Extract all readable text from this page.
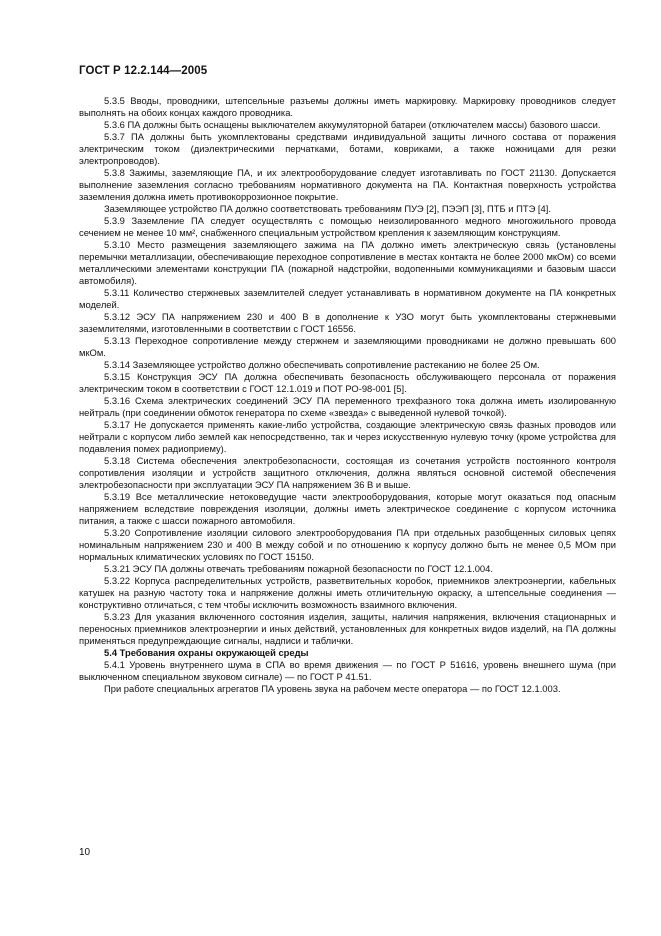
ГОСТ Р 12.2.144—2005

5.3.5 Вводы, проводники, штепсельные разъемы должны иметь маркировку. Маркировку проводников следует выполнять на обоих концах каждого проводника.

5.3.6 ПА должны быть оснащены выключателем аккумуляторной батареи (отключателем массы) базового шасси.

5.3.7 ПА должны быть укомплектованы средствами индивидуальной защиты личного состава от поражения электрическим током (диэлектрическими перчатками, ботами, ковриками, а также ножницами для резки электропроводов).

5.3.8 Зажимы, заземляющие ПА, и их электрооборудование следует изготавливать по ГОСТ 21130. Допускается выполнение заземления согласно требованиям нормативного документа на ПА. Контактная поверхность устройства заземления должна иметь противокоррозионное покрытие.

Заземляющее устройство ПА должно соответствовать требованиям ПУЭ [2], ПЭЭП [3], ПТБ и ПТЭ [4].

5.3.9 Заземление ПА следует осуществлять с помощью неизолированного медного многожильного провода сечением не менее 10 мм², снабженного специальным устройством крепления к заземляющим конструкциям.

5.3.10 Место размещения заземляющего зажима на ПА должно иметь электрическую связь (установлены перемычки металлизации, обеспечивающие переходное сопротивление в местах контакта не более 2000 мкОм) со всеми металлическими элементами конструкции ПА (пожарной надстройки, водопенными коммуникациями и базовым шасси автомобиля).

5.3.11 Количество стержневых заземлителей следует устанавливать в нормативном документе на ПА конкретных моделей.

5.3.12 ЭСУ ПА напряжением 230 и 400 В в дополнение к УЗО могут быть укомплектованы стержневыми заземлителями, изготовленными в соответствии с ГОСТ 16556.

5.3.13 Переходное сопротивление между стержнем и заземляющими проводниками не должно превышать 600 мкОм.

5.3.14 Заземляющее устройство должно обеспечивать сопротивление растеканию не более 25 Ом.

5.3.15 Конструкция ЭСУ ПА должна обеспечивать безопасность обслуживающего персонала от поражения электрическим током в соответствии с ГОСТ 12.1.019 и ПОТ РО-98-001 [5].

5.3.16 Схема электрических соединений ЭСУ ПА переменного трехфазного тока должна иметь изолированную нейтраль (при соединении обмоток генератора по схеме «звезда» с выведенной нулевой точкой).

5.3.17 Не допускается применять какие-либо устройства, создающие электрическую связь фазных проводов или нейтрали с корпусом либо землей как непосредственно, так и через искусственную нулевую точку (кроме устройства для подавления помех радиоприему).

5.3.18 Система обеспечения электробезопасности, состоящая из сочетания устройств постоянного контроля сопротивления изоляции и устройств защитного отключения, должна являться основной системой обеспечения электробезопасности при эксплуатации ЭСУ ПА напряжением 36 В и выше.

5.3.19 Все металлические нетоковедущие части электрооборудования, которые могут оказаться под опасным напряжением вследствие повреждения изоляции, должны иметь электрическое соединение с корпусом источника питания, а также с шасси пожарного автомобиля.

5.3.20 Сопротивление изоляции силового электрооборудования ПА при отдельных разобщенных силовых цепях номинальным напряжением 230 и 400 В между собой и по отношению к корпусу должно быть не менее 0,5 МОм при нормальных климатических условиях по ГОСТ 15150.

5.3.21 ЭСУ ПА должны отвечать требованиям пожарной безопасности по ГОСТ 12.1.004.

5.3.22 Корпуса распределительных устройств, разветвительных коробок, приемников электроэнергии, кабельных катушек на разную частоту тока и напряжение должны иметь отличительную окраску, а штепсельные соединения — конструктивно отличаться, с тем чтобы исключить возможность взаимного включения.

5.3.23 Для указания включенного состояния изделия, защиты, наличия напряжения, включения стационарных и переносных приемников электроэнергии и иных действий, установленных для конкретных видов изделий, на ПА должны применяться предупреждающие сигналы, надписи и таблички.

5.4 Требования охраны окружающей среды

5.4.1 Уровень внутреннего шума в СПА во время движения — по ГОСТ Р 51616, уровень внешнего шума (при выключенном специальном звуковом сигнале) — по ГОСТ Р 41.51.

При работе специальных агрегатов ПА уровень звука на рабочем месте оператора — по ГОСТ 12.1.003.

10
